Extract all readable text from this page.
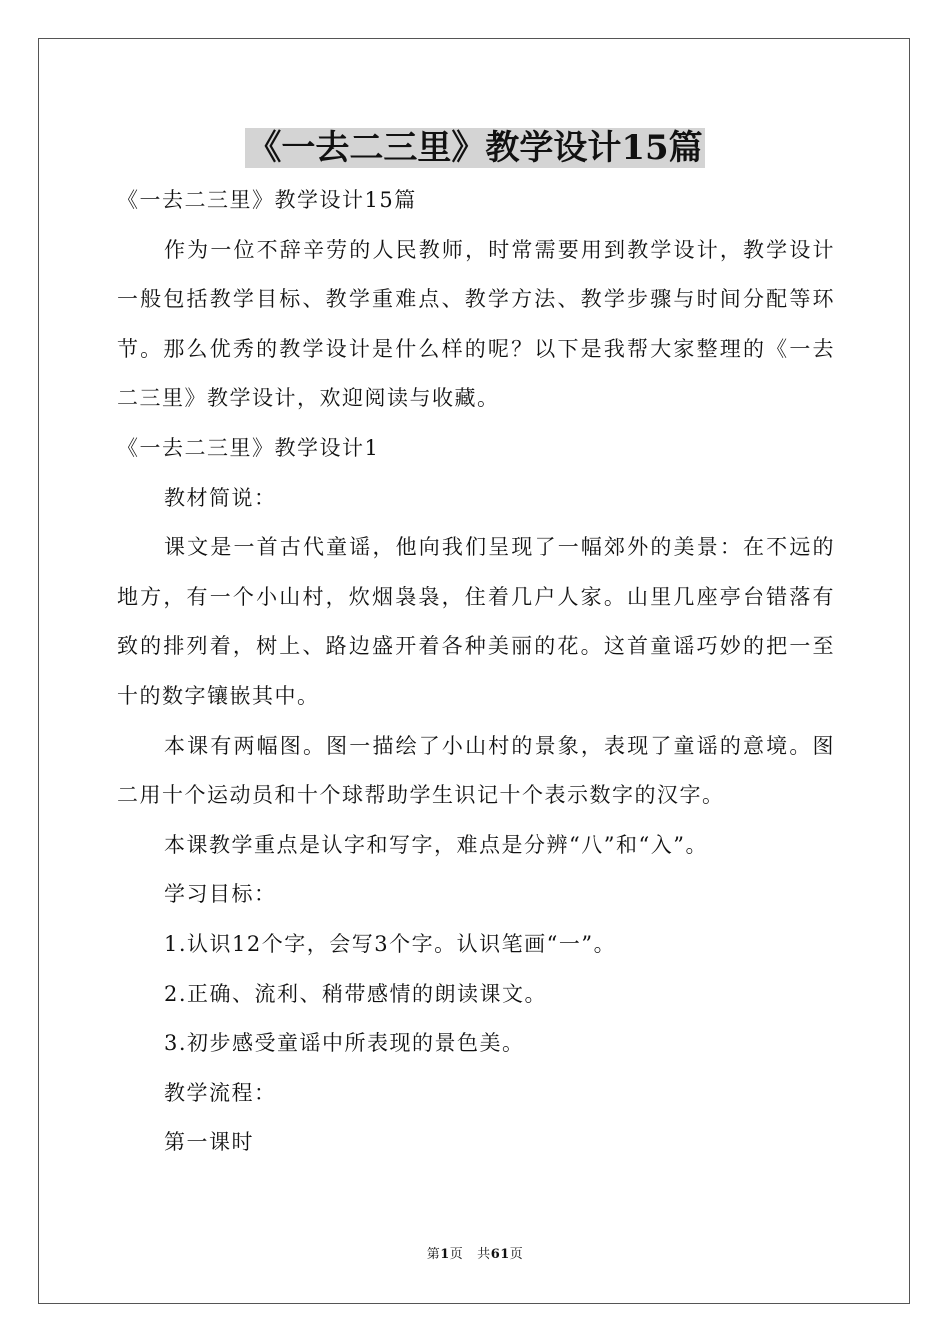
《一去二三里》教学设计15篇

《一去二三里》教学设计15篇

作为一位不辞辛劳的人民教师，时常需要用到教学设计，教学设计一般包括教学目标、教学重难点、教学方法、教学步骤与时间分配等环节。那么优秀的教学设计是什么样的呢？以下是我帮大家整理的《一去二三里》教学设计，欢迎阅读与收藏。

《一去二三里》教学设计1

教材简说：

课文是一首古代童谣，他向我们呈现了一幅郊外的美景：在不远的地方，有一个小山村，炊烟袅袅，住着几户人家。山里几座亭台错落有致的排列着，树上、路边盛开着各种美丽的花。这首童谣巧妙的把一至十的数字镶嵌其中。

本课有两幅图。图一描绘了小山村的景象，表现了童谣的意境。图二用十个运动员和十个球帮助学生识记十个表示数字的汉字。

本课教学重点是认字和写字，难点是分辨“八”和“入”。

学习目标：

1.认识12个字，会写3个字。认识笔画“一”。

2.正确、流利、稍带感情的朗读课文。

3.初步感受童谣中所表现的景色美。

教学流程：

第一课时

第1页 共61页
